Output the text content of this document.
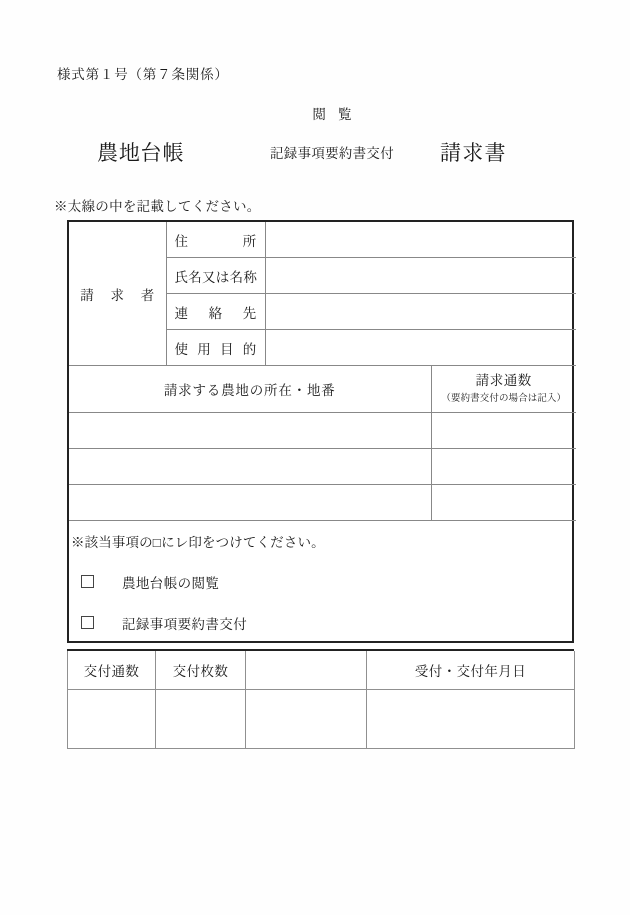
様式第１号（第７条関係）
農地台帳
閲覧
記録事項要約書交付	請求書
※太線の中を記載してください。
請求者	住所		
	氏名又は名称		
	連絡先		
	使用目的		

請求する農地の所在・地番			請求通数
（要約書交付の場合は記入）

※該当事項の□にレ印をつけてください。
農地台帳の閲覧
記録事項要約書交付			
交付通数	交付枚数		受付・交付年月日
